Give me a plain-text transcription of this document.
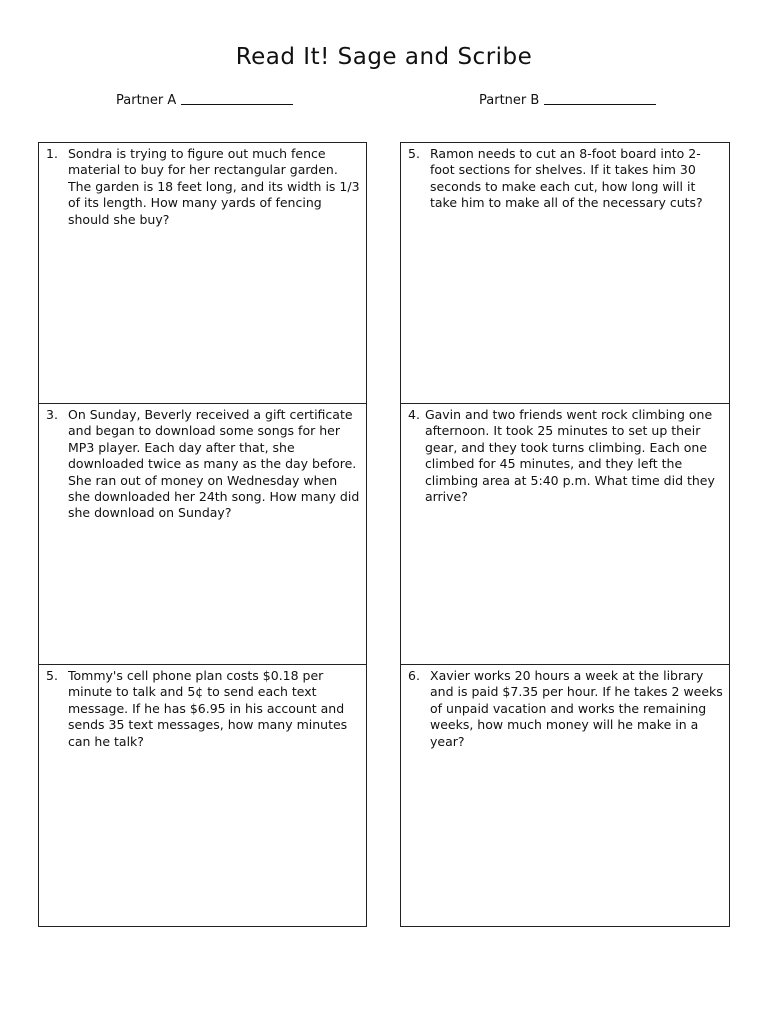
Read It! Sage and Scribe
Partner A	Partner B
1. Sondra is trying to figure out much fence material to buy for her rectangular garden. The garden is 18 feet long, and its width is 1/3 of its length. How many yards of fencing should she buy?
5. Ramon needs to cut an 8-foot board into 2-foot sections for shelves. If it takes him 30 seconds to make each cut, how long will it take him to make all of the necessary cuts?
3. On Sunday, Beverly received a gift certificate and began to download some songs for her MP3 player. Each day after that, she downloaded twice as many as the day before. She ran out of money on Wednesday when she downloaded her 24th song. How many did she download on Sunday?
4. Gavin and two friends went rock climbing one afternoon. It took 25 minutes to set up their gear, and they took turns climbing. Each one climbed for 45 minutes, and they left the climbing area at 5:40 p.m. What time did they arrive?
5. Tommy's cell phone plan costs $0.18 per minute to talk and 5¢ to send each text message. If he has $6.95 in his account and sends 35 text messages, how many minutes can he talk?
6. Xavier works 20 hours a week at the library and is paid $7.35 per hour. If he takes 2 weeks of unpaid vacation and works the remaining weeks, how much money will he make in a year?
